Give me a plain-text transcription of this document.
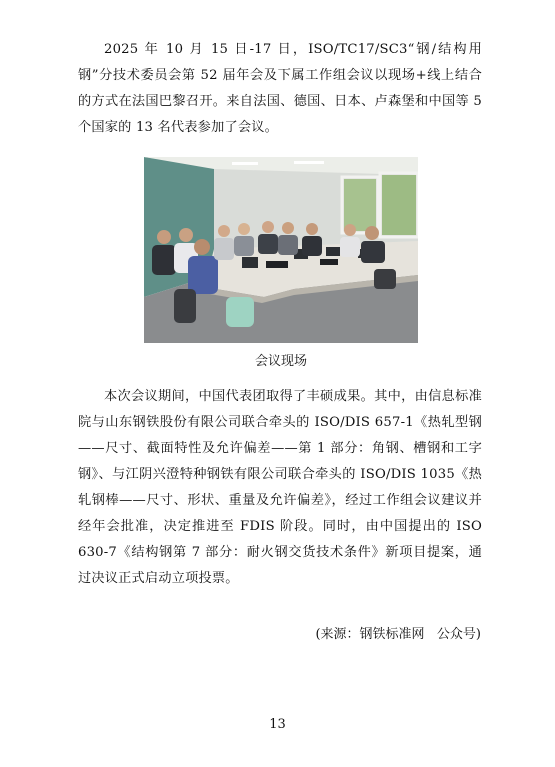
2025 年 10 月 15 日-17 日，ISO/TC17/SC3“钢/结构用钢”分技术委员会第 52 届年会及下属工作组会议以现场+线上结合的方式在法国巴黎召开。来自法国、德国、日本、卢森堡和中国等 5 个国家的 13 名代表参加了会议。

会议现场

本次会议期间，中国代表团取得了丰硕成果。其中，由信息标准院与山东钢铁股份有限公司联合牵头的 ISO/DIS 657-1《热轧型钢——尺寸、截面特性及允许偏差——第 1 部分：角钢、槽钢和工字钢》、与江阴兴澄特种钢铁有限公司联合牵头的 ISO/DIS 1035《热轧钢棒——尺寸、形状、重量及允许偏差》，经过工作组会议建议并经年会批准，决定推进至 FDIS 阶段。同时，由中国提出的 ISO 630-7《结构钢第 7 部分：耐火钢交货技术条件》新项目提案，通过决议正式启动立项投票。

(来源：钢铁标准网   公众号)

13
